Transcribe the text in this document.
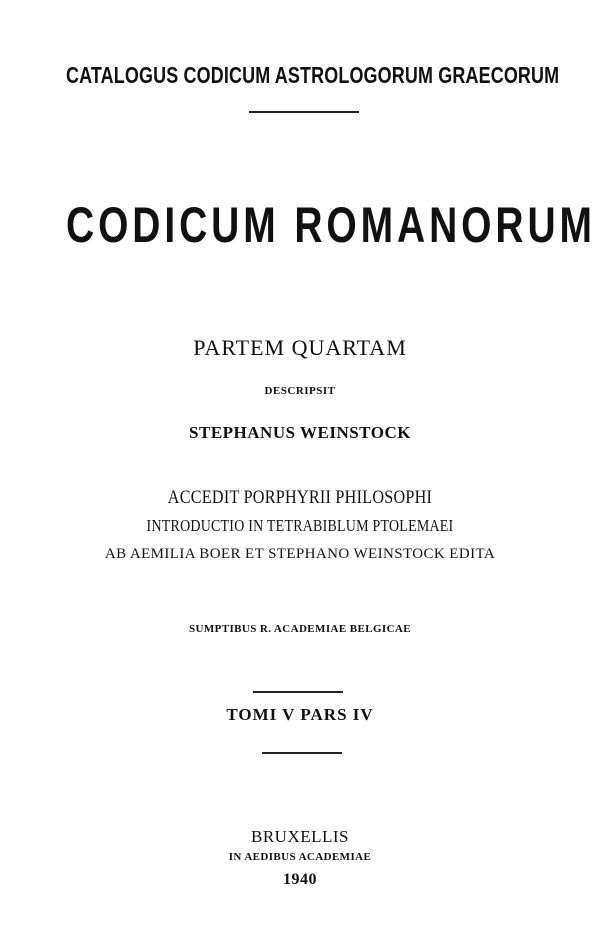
CATALOGUS CODICUM ASTROLOGORUM GRAECORUM
CODICUM ROMANORUM
PARTEM QUARTAM
DESCRIPSIT
STEPHANUS WEINSTOCK
ACCEDIT PORPHYRII PHILOSOPHI
INTRODUCTIO IN TETRABIBLUM PTOLEMAEI
AB AEMILIA BOER ET STEPHANO WEINSTOCK EDITA
SUMPTIBUS R. ACADEMIAE BELGICAE
TOMI V PARS IV
BRUXELLIS
IN AEDIBUS ACADEMIAE
1940
